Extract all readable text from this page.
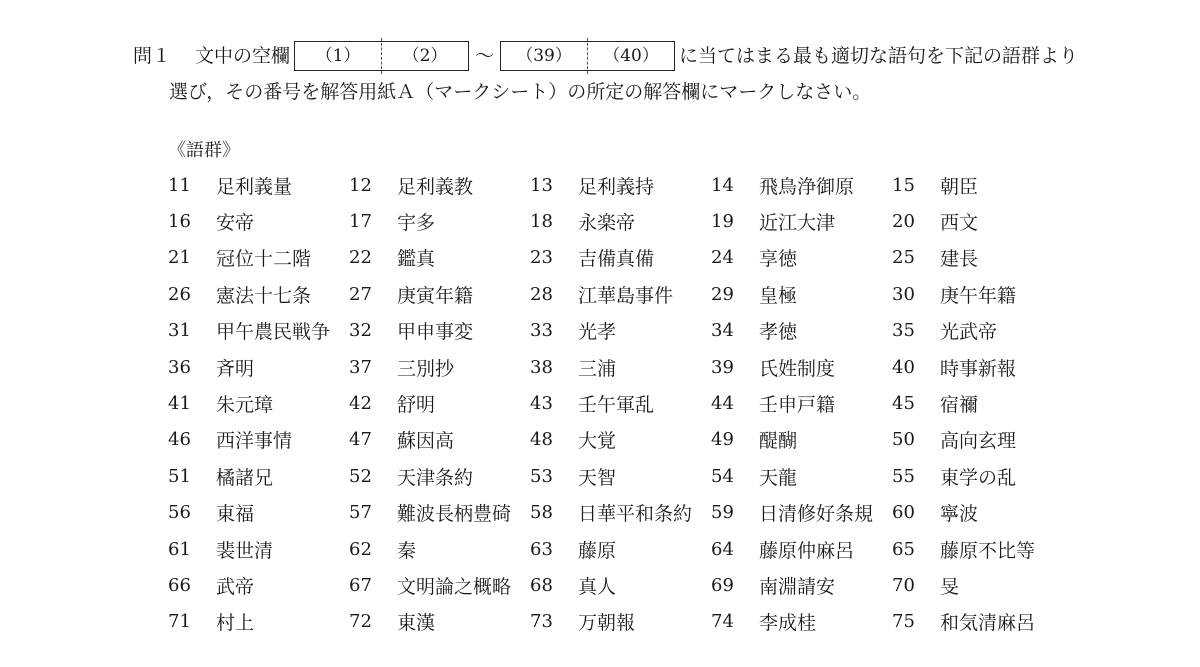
問１	文中の空欄	（1）	（2）	〜	（39）	（40）	に当てはまる最も適切な語句を下記の語群より
選び，その番号を解答用紙Ａ（マークシート）の所定の解答欄にマークしなさい。
《語群》
11	足利義量	12	足利義教	13	足利義持	14	飛鳥浄御原 15	朝臣
16	安帝	17	宇多	18	永楽帝	19	近江大津	20	西文
21	冠位十二階 22	鑑真	23	吉備真備	24	享徳	25	建長
26	憲法十七条 27	庚寅年籍	28	江華島事件 29	皇極	30	庚午年籍
31	甲午農民戦争 32	甲申事変	33	光孝	34	孝徳	35	光武帝
36	斉明	37	三別抄	38	三浦	39	氏姓制度	40	時事新報
41	朱元璋	42	舒明	43	壬午軍乱	44	壬申戸籍	45	宿禰
46	西洋事情	47	蘇因高	48	大覚	49	醍醐	50	高向玄理
51	橘諸兄	52	天津条約	53	天智	54	天龍	55	東学の乱
56	東福	57	難波長柄豊碕 58	日華平和条約 59	日清修好条規 60	寧波
61	裴世清	62	秦	63	藤原	64	藤原仲麻呂 65	藤原不比等
66	武帝	67	文明論之概略 68	真人	69	南淵請安	70	旻
71	村上	72	東漢	73	万朝報	74	李成桂	75	和気清麻呂
